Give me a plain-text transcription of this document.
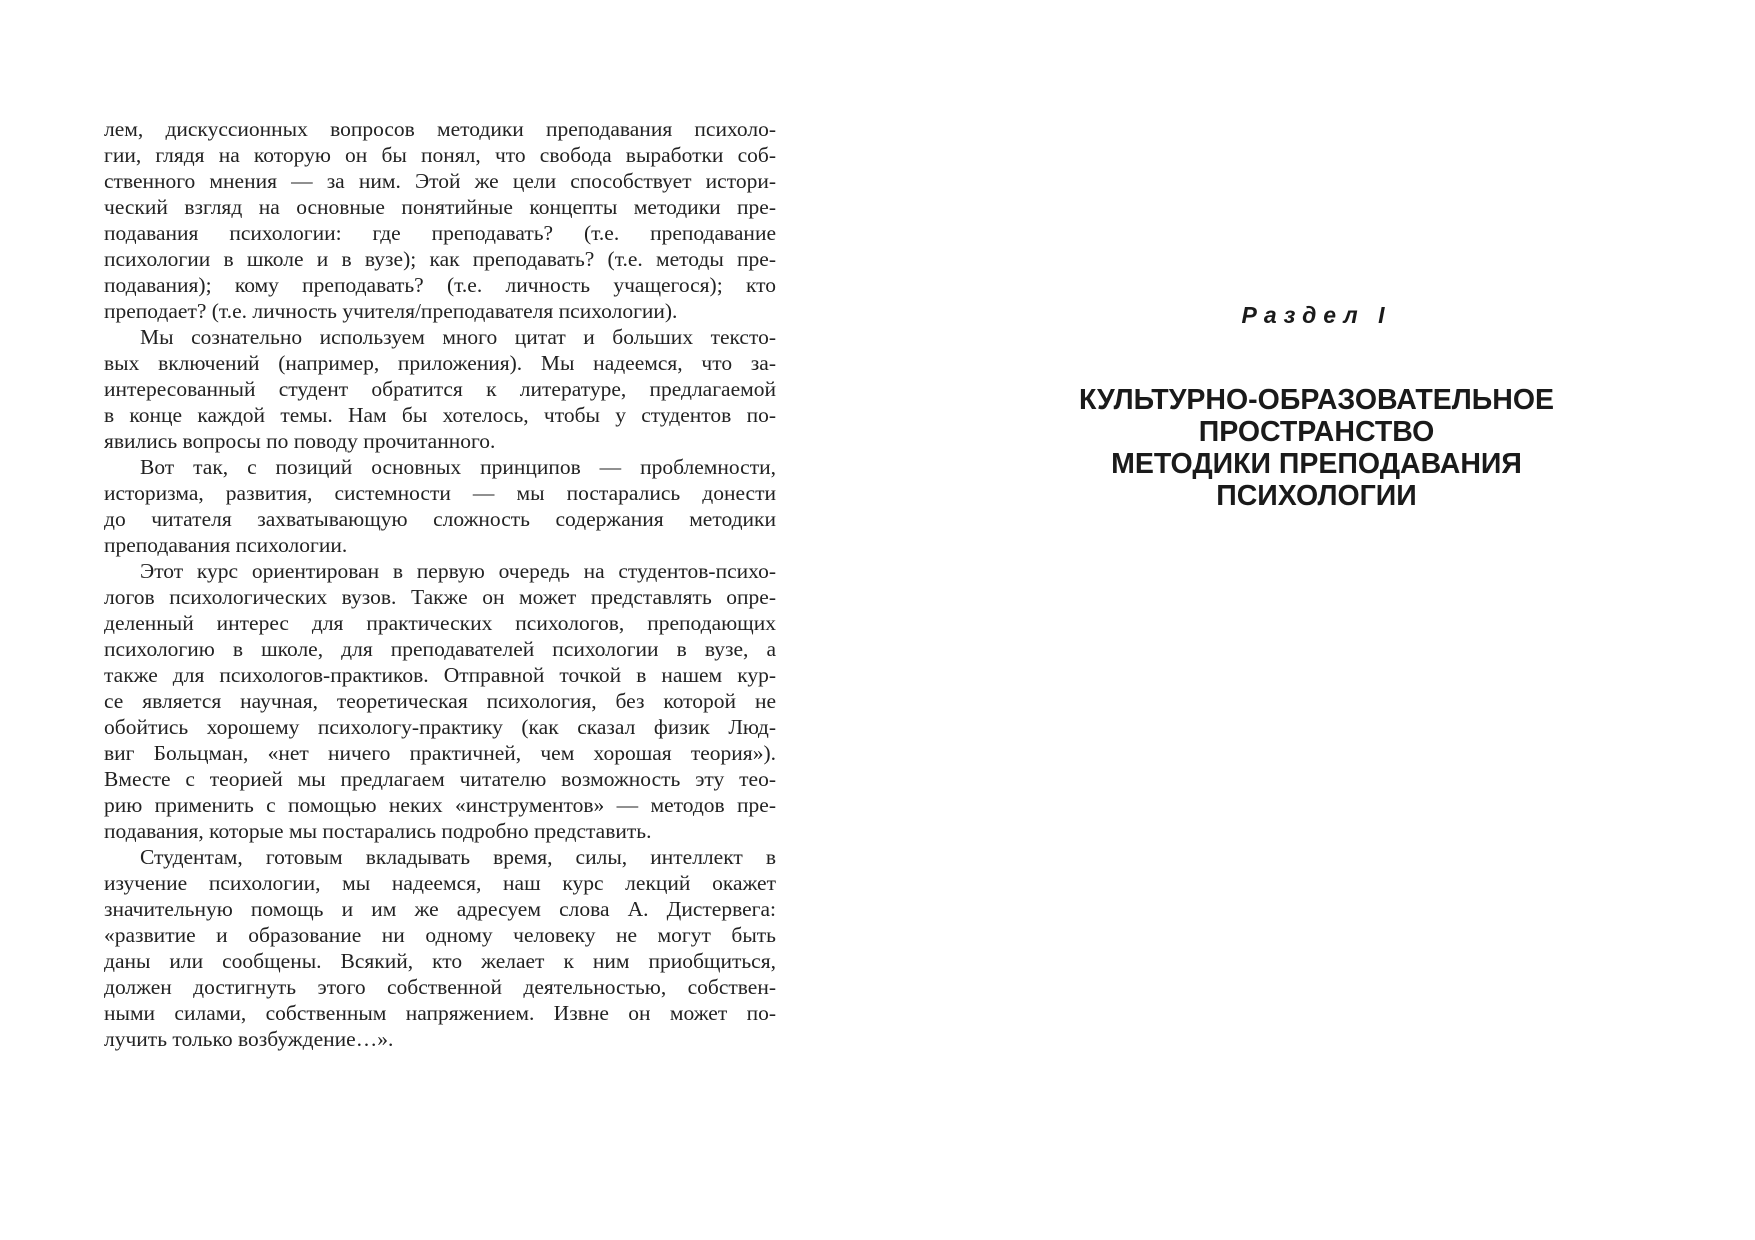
лем, дискуссионных вопросов методики преподавания психоло-
гии, глядя на которую он бы понял, что свобода выработки соб-
ственного мнения — за ним. Этой же цели способствует истори-
ческий взгляд на основные понятийные концепты методики пре-
подавания психологии: где преподавать? (т.е. преподавание
психологии в школе и в вузе); как преподавать? (т.е. методы пре-
подавания); кому преподавать? (т.е. личность учащегося); кто
преподает? (т.е. личность учителя/преподавателя психологии).

Мы сознательно используем много цитат и больших тексто-
вых включений (например, приложения). Мы надеемся, что за-
интересованный студент обратится к литературе, предлагаемой
в конце каждой темы. Нам бы хотелось, чтобы у студентов по-
явились вопросы по поводу прочитанного.

Вот так, с позиций основных принципов — проблемности,
историзма, развития, системности — мы постарались донести
до читателя захватывающую сложность содержания методики
преподавания психологии.

Этот курс ориентирован в первую очередь на студентов-психо-
логов психологических вузов. Также он может представлять опре-
деленный интерес для практических психологов, преподающих
психологию в школе, для преподавателей психологии в вузе, а
также для психологов-практиков. Отправной точкой в нашем кур-
се является научная, теоретическая психология, без которой не
обойтись хорошему психологу-практику (как сказал физик Люд-
виг Больцман, «нет ничего практичней, чем хорошая теория»).
Вместе с теорией мы предлагаем читателю возможность эту тео-
рию применить с помощью неких «инструментов» — методов пре-
подавания, которые мы постарались подробно представить.

Студентам, готовым вкладывать время, силы, интеллект в
изучение психологии, мы надеемся, наш курс лекций окажет
значительную помощь и им же адресуем слова А. Дистервега:
«развитие и образование ни одному человеку не могут быть
даны или сообщены. Всякий, кто желает к ним приобщиться,
должен достигнуть этого собственной деятельностью, собствен-
ными силами, собственным напряжением. Извне он может по-
лучить только возбуждение…».

Раздел I
КУЛЬТУРНО-ОБРАЗОВАТЕЛЬНОЕ
ПРОСТРАНСТВО
МЕТОДИКИ ПРЕПОДАВАНИЯ
ПСИХОЛОГИИ
